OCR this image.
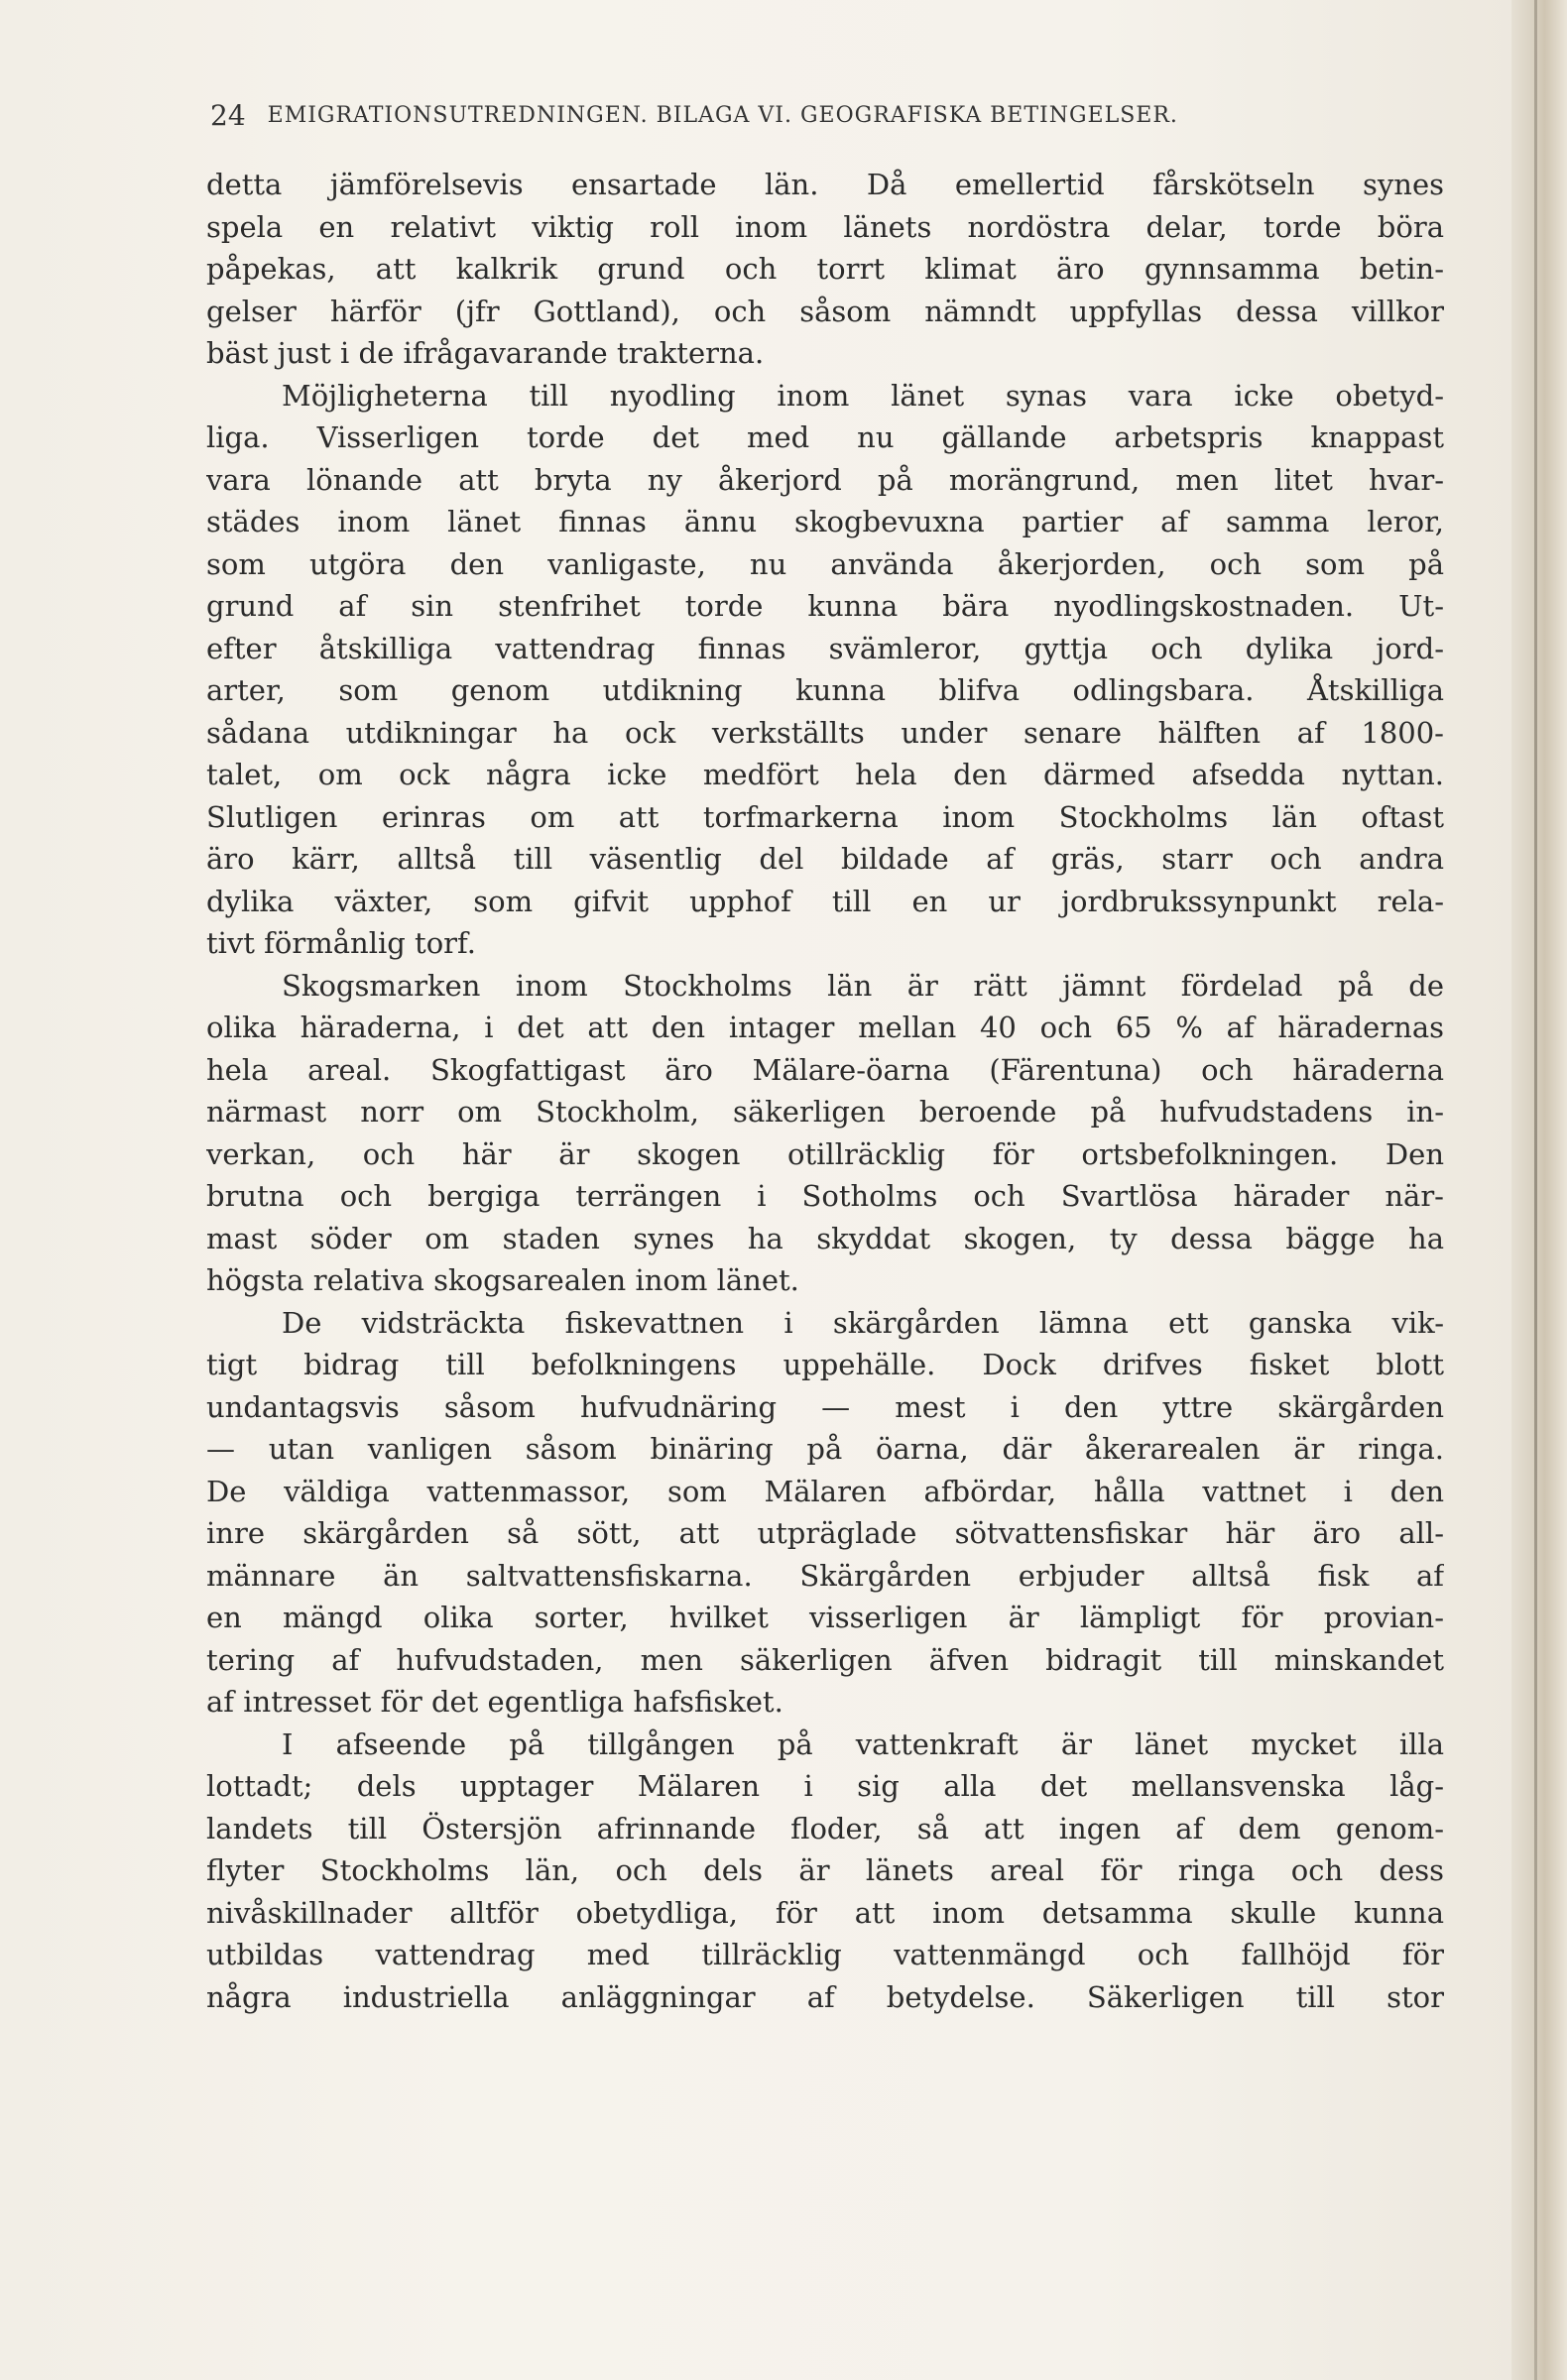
24 EMIGRATIONSUTREDNINGEN. BILAGA VI. GEOGRAFISKA BETINGELSER.
detta jämförelsevis ensartade län. Då emellertid fårskötseln synes
spela en relativt viktig roll inom länets nordöstra delar, torde böra
påpekas, att kalkrik grund och torrt klimat äro gynnsamma betin-
gelser härför (jfr Gottland), och såsom nämndt uppfyllas dessa villkor
bäst just i de ifrågavarande trakterna.
Möjligheterna till nyodling inom länet synas vara icke obetyd-
liga. Visserligen torde det med nu gällande arbetspris knappast
vara lönande att bryta ny åkerjord på morängrund, men litet hvar-
städes inom länet finnas ännu skogbevuxna partier af samma leror,
som utgöra den vanligaste, nu använda åkerjorden, och som på
grund af sin stenfrihet torde kunna bära nyodlingskostnaden. Ut-
efter åtskilliga vattendrag finnas svämleror, gyttja och dylika jord-
arter, som genom utdikning kunna blifva odlingsbara. Åtskilliga
sådana utdikningar ha ock verkställts under senare hälften af 1800-
talet, om ock några icke medfört hela den därmed afsedda nyttan.
Slutligen erinras om att torfmarkerna inom Stockholms län oftast
äro kärr, alltså till väsentlig del bildade af gräs, starr och andra
dylika växter, som gifvit upphof till en ur jordbrukssynpunkt rela-
tivt förmånlig torf.
Skogsmarken inom Stockholms län är rätt jämnt fördelad på de
olika häraderna, i det att den intager mellan 40 och 65 % af häradernas
hela areal. Skogfattigast äro Mälare-öarna (Färentuna) och häraderna
närmast norr om Stockholm, säkerligen beroende på hufvudstadens in-
verkan, och här är skogen otillräcklig för ortsbefolkningen. Den
brutna och bergiga terrängen i Sotholms och Svartlösa härader när-
mast söder om staden synes ha skyddat skogen, ty dessa bägge ha
högsta relativa skogsarealen inom länet.
De vidsträckta fiskevattnen i skärgården lämna ett ganska vik-
tigt bidrag till befolkningens uppehälle. Dock drifves fisket blott
undantagsvis såsom hufvudnäring — mest i den yttre skärgården
— utan vanligen såsom binäring på öarna, där åkerarealen är ringa.
De väldiga vattenmassor, som Mälaren afbördar, hålla vattnet i den
inre skärgården så sött, att utpräglade sötvattensfiskar här äro all-
männare än saltvattensfiskarna. Skärgården erbjuder alltså fisk af
en mängd olika sorter, hvilket visserligen är lämpligt för provian-
tering af hufvudstaden, men säkerligen äfven bidragit till minskandet
af intresset för det egentliga hafsfisket.
I afseende på tillgången på vattenkraft är länet mycket illa
lottadt; dels upptager Mälaren i sig alla det mellansvenska låg-
landets till Östersjön afrinnande floder, så att ingen af dem genom-
flyter Stockholms län, och dels är länets areal för ringa och dess
nivåskillnader alltför obetydliga, för att inom detsamma skulle kunna
utbildas vattendrag med tillräcklig vattenmängd och fallhöjd för
några industriella anläggningar af betydelse. Säkerligen till stor
